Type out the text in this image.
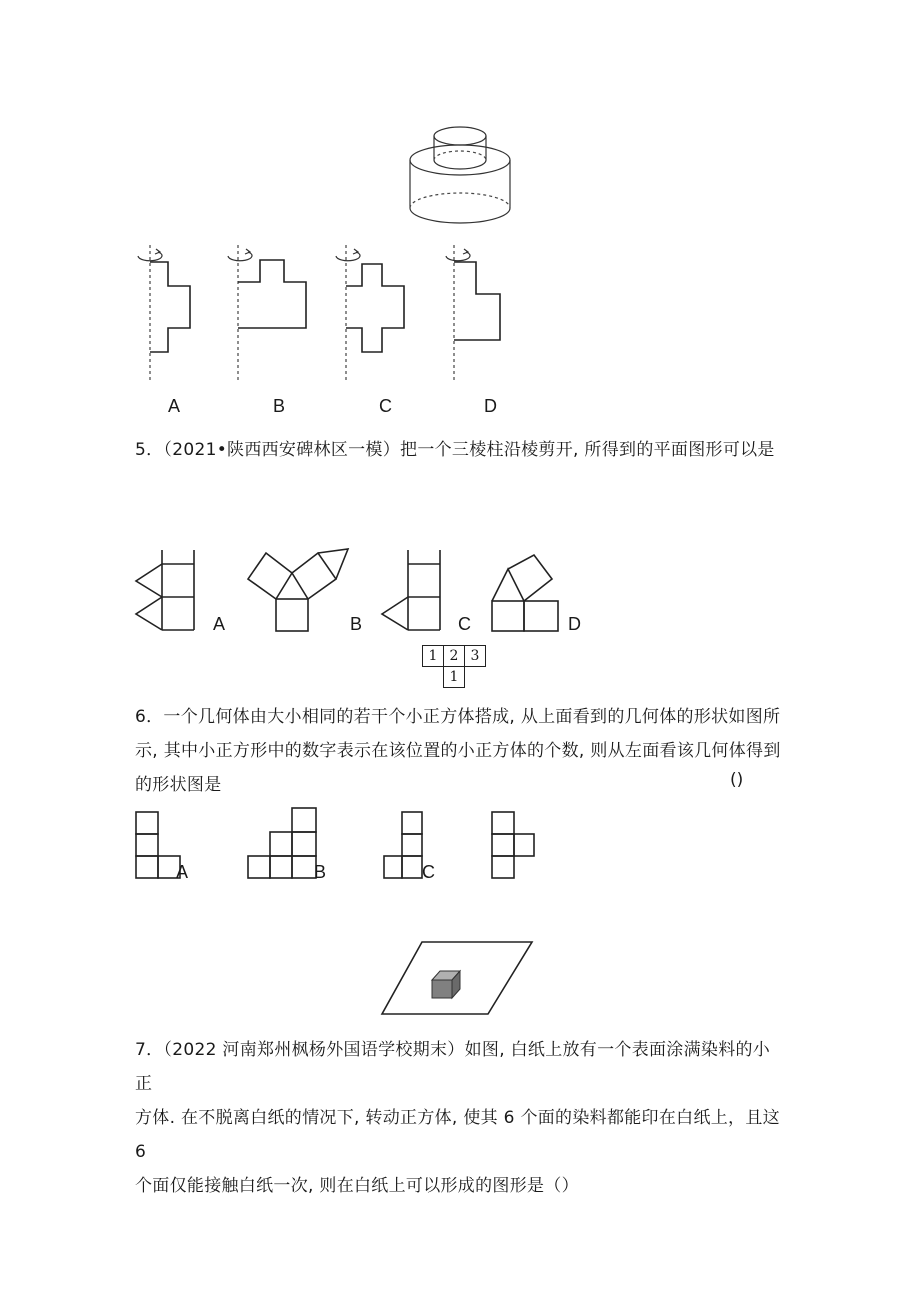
A	B	C	D
5．（2021•陕西西安碑林区一模）把一个三棱柱沿棱剪开, 所得到的平面图形可以是
A	B	C	D
1	2	3
	1	
6．一个几何体由大小相同的若干个小正方体搭成, 从上面看到的几何体的形状如图所
示, 其中小正方形中的数字表示在该位置的小正方体的个数, 则从左面看该几何体得到
的形状图是	()
A	B	C
7．（2022 河南郑州枫杨外国语学校期末）如图, 白纸上放有一个表面涂满染料的小正
方体. 在不脱离白纸的情况下, 转动正方体, 使其 6 个面的染料都能印在白纸上，且这 6
个面仅能接触白纸一次, 则在白纸上可以形成的图形是（）
